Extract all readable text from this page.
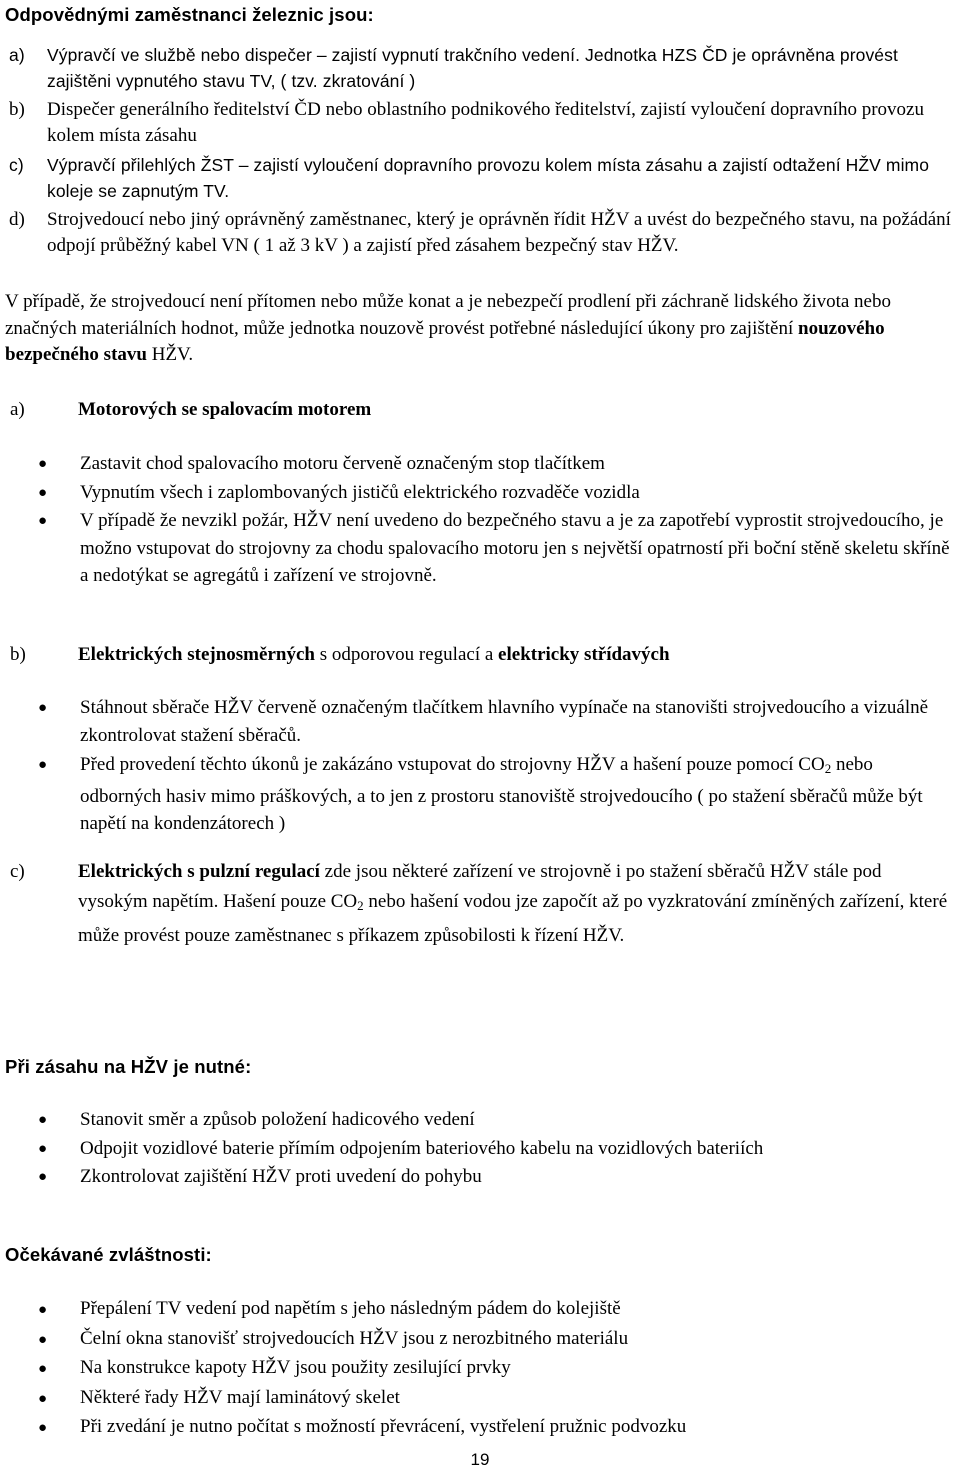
Odpovědnými zaměstnanci železnic jsou:
a)	Výpravčí ve službě nebo dispečer – zajistí vypnutí trakčního vedení. Jednotka HZS ČD je oprávněna provést zajištěni vypnutého stavu TV, ( tzv. zkratování )
b)	Dispečer generálního ředitelství ČD nebo oblastního podnikového ředitelství, zajistí vyloučení dopravního provozu kolem místa zásahu
c)	Výpravčí přilehlých ŽST – zajistí vyloučení dopravního provozu kolem místa zásahu a zajistí odtažení HŽV mimo koleje se zapnutým TV.
d)	Strojvedoucí nebo jiný oprávněný zaměstnanec, který je oprávněn řídit HŽV a uvést do bezpečného stavu, na požádání odpojí průběžný kabel VN ( 1 až 3 kV ) a zajistí před zásahem bezpečný stav HŽV.
V případě, že strojvedoucí není přítomen nebo může konat a je nebezpečí prodlení při záchraně lidského života nebo značných materiálních hodnot, může jednotka nouzově provést potřebné následující úkony pro zajištění nouzového bezpečného stavu HŽV.
a)	Motorových se spalovacím motorem
●	Zastavit chod spalovacího motoru červeně označeným stop tlačítkem
●	Vypnutím všech i zaplombovaných jističů elektrického rozvaděče vozidla
●	V případě že nevzikl požár, HŽV není uvedeno do bezpečného stavu a je za zapotřebí vyprostit strojvedoucího, je možno vstupovat do strojovny za chodu spalovacího motoru jen s největší opatrností při boční stěně skeletu skříně a nedotýkat se agregátů i zařízení ve strojovně.
b)	Elektrických stejnosměrných s odporovou regulací a elektricky střídavých
●	Stáhnout sběrače HŽV červeně označeným tlačítkem hlavního vypínače na stanovišti strojvedoucího a vizuálně zkontrolovat stažení sběračů.
●	Před provedení těchto úkonů je zakázáno vstupovat do strojovny HŽV a hašení pouze pomocí $CO_2$ nebo odborných hasiv mimo práškových, a to jen z prostoru stanoviště strojvedoucího ( po stažení sběračů může být napětí na kondenzátorech )
c)	Elektrických s pulzní regulací zde jsou některé zařízení ve strojovně i po stažení sběračů HŽV stále pod vysokým napětím. Hašení pouze $CO_2$ nebo hašení vodou jze započít až po vyzkratování zmíněných zařízení, které může provést pouze zaměstnanec s příkazem způsobilosti k řízení HŽV.
Při zásahu na HŽV je nutné:
●	Stanovit směr a způsob položení hadicového vedení
●	Odpojit vozidlové baterie přímím odpojením bateriového kabelu na vozidlových bateriích
●	Zkontrolovat zajištění HŽV proti uvedení do pohybu
Očekávané zvláštnosti:
●	Přepálení TV vedení pod napětím s jeho následným pádem do kolejiště
●	Čelní okna stanovišť strojvedoucích HŽV jsou z nerozbitného materiálu
●	Na konstrukce kapoty HŽV jsou použity zesilující prvky
●	Některé řady HŽV mají laminátový skelet
●	Při zvedání je nutno počítat s možností převrácení, vystřelení pružnic podvozku
19
